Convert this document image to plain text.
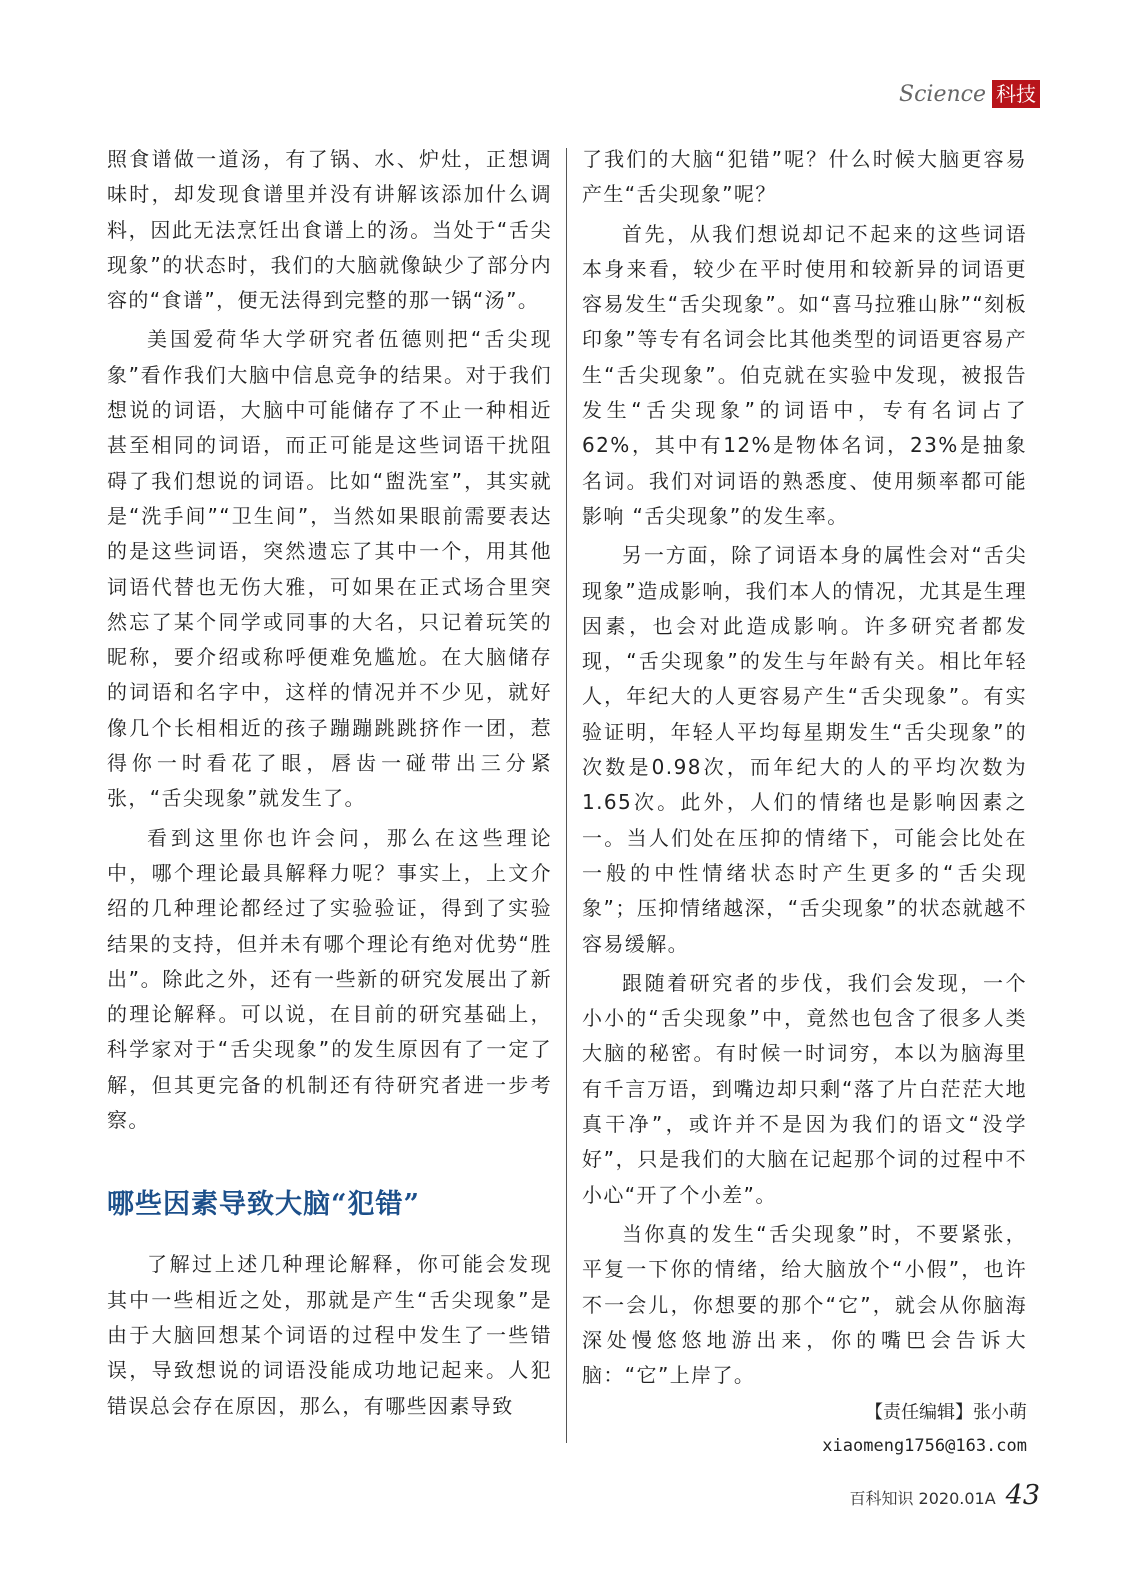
Science 科技

照食谱做一道汤，有了锅、水、炉灶，正想调味时，却发现食谱里并没有讲解该添加什么调料，因此无法烹饪出食谱上的汤。当处于“舌尖现象”的状态时，我们的大脑就像缺少了部分内容的“食谱”，便无法得到完整的那一锅“汤”。

美国爱荷华大学研究者伍德则把“舌尖现象”看作我们大脑中信息竞争的结果。对于我们想说的词语，大脑中可能储存了不止一种相近甚至相同的词语，而正可能是这些词语干扰阻碍了我们想说的词语。比如“盥洗室”，其实就是“洗手间”“卫生间”，当然如果眼前需要表达的是这些词语，突然遗忘了其中一个，用其他词语代替也无伤大雅，可如果在正式场合里突然忘了某个同学或同事的大名，只记着玩笑的昵称，要介绍或称呼便难免尴尬。在大脑储存的词语和名字中，这样的情况并不少见，就好像几个长相相近的孩子蹦蹦跳跳挤作一团，惹得你一时看花了眼，唇齿一碰带出三分紧张，“舌尖现象”就发生了。

看到这里你也许会问，那么在这些理论中，哪个理论最具解释力呢？事实上，上文介绍的几种理论都经过了实验验证，得到了实验结果的支持，但并未有哪个理论有绝对优势“胜出”。除此之外，还有一些新的研究发展出了新的理论解释。可以说，在目前的研究基础上，科学家对于“舌尖现象”的发生原因有了一定了解，但其更完备的机制还有待研究者进一步考察。

哪些因素导致大脑“犯错”

了解过上述几种理论解释，你可能会发现其中一些相近之处，那就是产生“舌尖现象”是由于大脑回想某个词语的过程中发生了一些错误，导致想说的词语没能成功地记起来。人犯错误总会存在原因，那么，有哪些因素导致

了我们的大脑“犯错”呢？什么时候大脑更容易产生“舌尖现象”呢？

首先，从我们想说却记不起来的这些词语本身来看，较少在平时使用和较新异的词语更容易发生“舌尖现象”。如“喜马拉雅山脉”“刻板印象”等专有名词会比其他类型的词语更容易产生“舌尖现象”。伯克就在实验中发现，被报告发生“舌尖现象”的词语中，专有名词占了62%，其中有12%是物体名词，23%是抽象名词。我们对词语的熟悉度、使用频率都可能影响 “舌尖现象”的发生率。

另一方面，除了词语本身的属性会对“舌尖现象”造成影响，我们本人的情况，尤其是生理因素，也会对此造成影响。许多研究者都发现，“舌尖现象”的发生与年龄有关。相比年轻人，年纪大的人更容易产生“舌尖现象”。有实验证明，年轻人平均每星期发生“舌尖现象”的次数是0.98次，而年纪大的人的平均次数为1.65次。此外，人们的情绪也是影响因素之一。当人们处在压抑的情绪下，可能会比处在一般的中性情绪状态时产生更多的“舌尖现象”；压抑情绪越深，“舌尖现象”的状态就越不容易缓解。

跟随着研究者的步伐，我们会发现，一个小小的“舌尖现象”中，竟然也包含了很多人类大脑的秘密。有时候一时词穷，本以为脑海里有千言万语，到嘴边却只剩“落了片白茫茫大地真干净”，或许并不是因为我们的语文“没学好”，只是我们的大脑在记起那个词的过程中不小心“开了个小差”。

当你真的发生“舌尖现象”时，不要紧张，平复一下你的情绪，给大脑放个“小假”，也许不一会儿，你想要的那个“它”，就会从你脑海深处慢悠悠地游出来，你的嘴巴会告诉大脑：“它”上岸了。

【责任编辑】张小萌
xiaomeng1756@163.com
百科知识 2020.01A 43
